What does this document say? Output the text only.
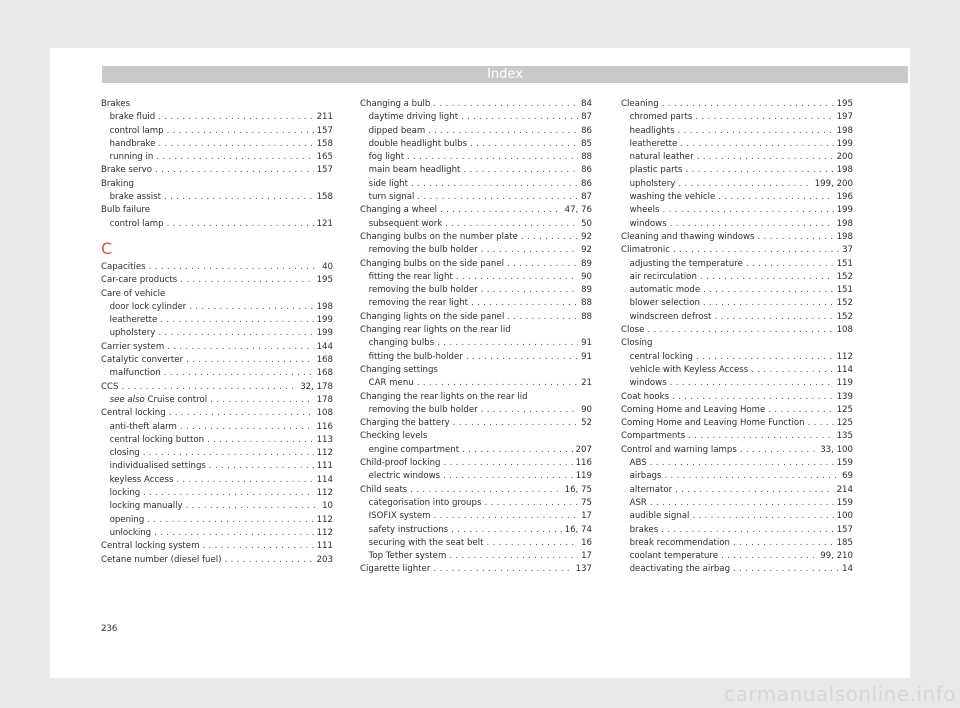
Index
Brakes
brake fluid . . .	211
control lamp . . .	157
handbrake . . .	158
running in . . .	165
Brake servo . . .	157
Braking
brake assist . . .	158
Bulb failure
control lamp . . .	121
C
Capacities . . .	40
Car-care products . . .	195
Care of vehicle
door lock cylinder . . .	198
leatherette . . .	199
upholstery . . .	199
Carrier system . . .	144
Catalytic converter . . .	168
malfunction . . .	168
CCS . . .	32, 178
see also Cruise control . . .	178
Central locking . . .	108
anti-theft alarm . . .	116
central locking button . . .	113
closing . . .	112
individualised settings . . .	111
keyless Access . . .	114
locking . . .	112
locking manually . . .	10
opening . . .	112
unlocking . . .	112
Central locking system . . .	111
Cetane number (diesel fuel) . . .	203
Changing a bulb . . .	84
daytime driving light . . .	87
dipped beam . . .	86
double headlight bulbs . . .	85
fog light . . .	88
main beam headlight . . .	86
side light . . .	86
turn signal . . .	87
Changing a wheel . . .	47, 76
subsequent work . . .	50
Changing bulbs on the number plate . . .	92
removing the bulb holder . . .	92
Changing bulbs on the side panel . . .	89
fitting the rear light . . .	90
removing the bulb holder . . .	89
removing the rear light . . .	88
Changing lights on the side panel . . .	88
Changing rear lights on the rear lid
changing bulbs . . .	91
fitting the bulb-holder . . .	91
Changing settings
CAR menu . . .	21
Changing the rear lights on the rear lid
removing the bulb holder . . .	90
Charging the battery . . .	52
Checking levels
engine compartment . . .	207
Child-proof locking . . .	116
electric windows . . .	119
Child seats . . .	16, 75
categorisation into groups . . .	75
ISOFIX system . . .	17
safety instructions . . .	16, 74
securing with the seat belt . . .	16
Top Tether system . . .	17
Cigarette lighter . . .	137
Cleaning . . .	195
chromed parts . . .	197
headlights . . .	198
leatherette . . .	199
natural leather . . .	200
plastic parts . . .	198
upholstery . . .	199, 200
washing the vehicle . . .	196
wheels . . .	199
windows . . .	198
Cleaning and thawing windows . . .	198
Climatronic . . .	37
adjusting the temperature . . .	151
air recirculation . . .	152
automatic mode . . .	151
blower selection . . .	152
windscreen defrost . . .	152
Close . . .	108
Closing
central locking . . .	112
vehicle with Keyless Access . . .	114
windows . . .	119
Coat hooks . . .	139
Coming Home and Leaving Home . . .	125
Coming Home and Leaving Home Function . . .	125
Compartments . . .	135
Control and warning lamps . . .	33, 100
ABS . . .	159
airbags . . .	69
alternator . . .	214
ASR . . .	159
audible signal . . .	100
brakes . . .	157
break recommendation . . .	185
coolant temperature . . .	99, 210
deactivating the airbag . . .	14
236
carmanualsonline.info
